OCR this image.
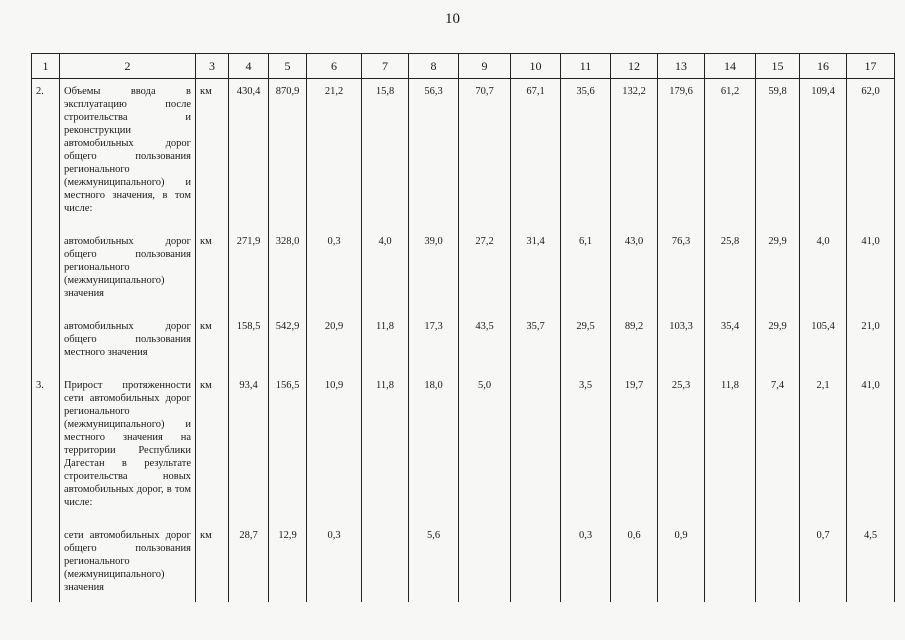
10
1	2	3	4	5	6	7	8	9	10	11	12	13	14	15	16	17
2.	Объемы ввода в эксплуатацию после строительства и реконструкции автомобильных дорог общего пользования регионального (межмуниципального) и местного значения, в том числе:	км	430,4	870,9	21,2	15,8	56,3	70,7	67,1	35,6	132,2	179,6	61,2	59,8	109,4	62,0
	автомобильных дорог общего пользования регионального (межмуниципального) значения	км	271,9	328,0	0,3	4,0	39,0	27,2	31,4	6,1	43,0	76,3	25,8	29,9	4,0	41,0
	автомобильных дорог общего пользования местного значения	км	158,5	542,9	20,9	11,8	17,3	43,5	35,7	29,5	89,2	103,3	35,4	29,9	105,4	21,0
3.	Прирост протяженности сети автомобильных дорог регионального (межмуниципального) и местного значения на территории Республики Дагестан в результате строительства новых автомобильных дорог, в том числе:	км	93,4	156,5	10,9	11,8	18,0	5,0		3,5	19,7	25,3	11,8	7,4	2,1	41,0
	сети автомобильных дорог общего пользования регионального (межмуниципального) значения	км	28,7	12,9	0,3		5,6			0,3	0,6	0,9			0,7	4,5
